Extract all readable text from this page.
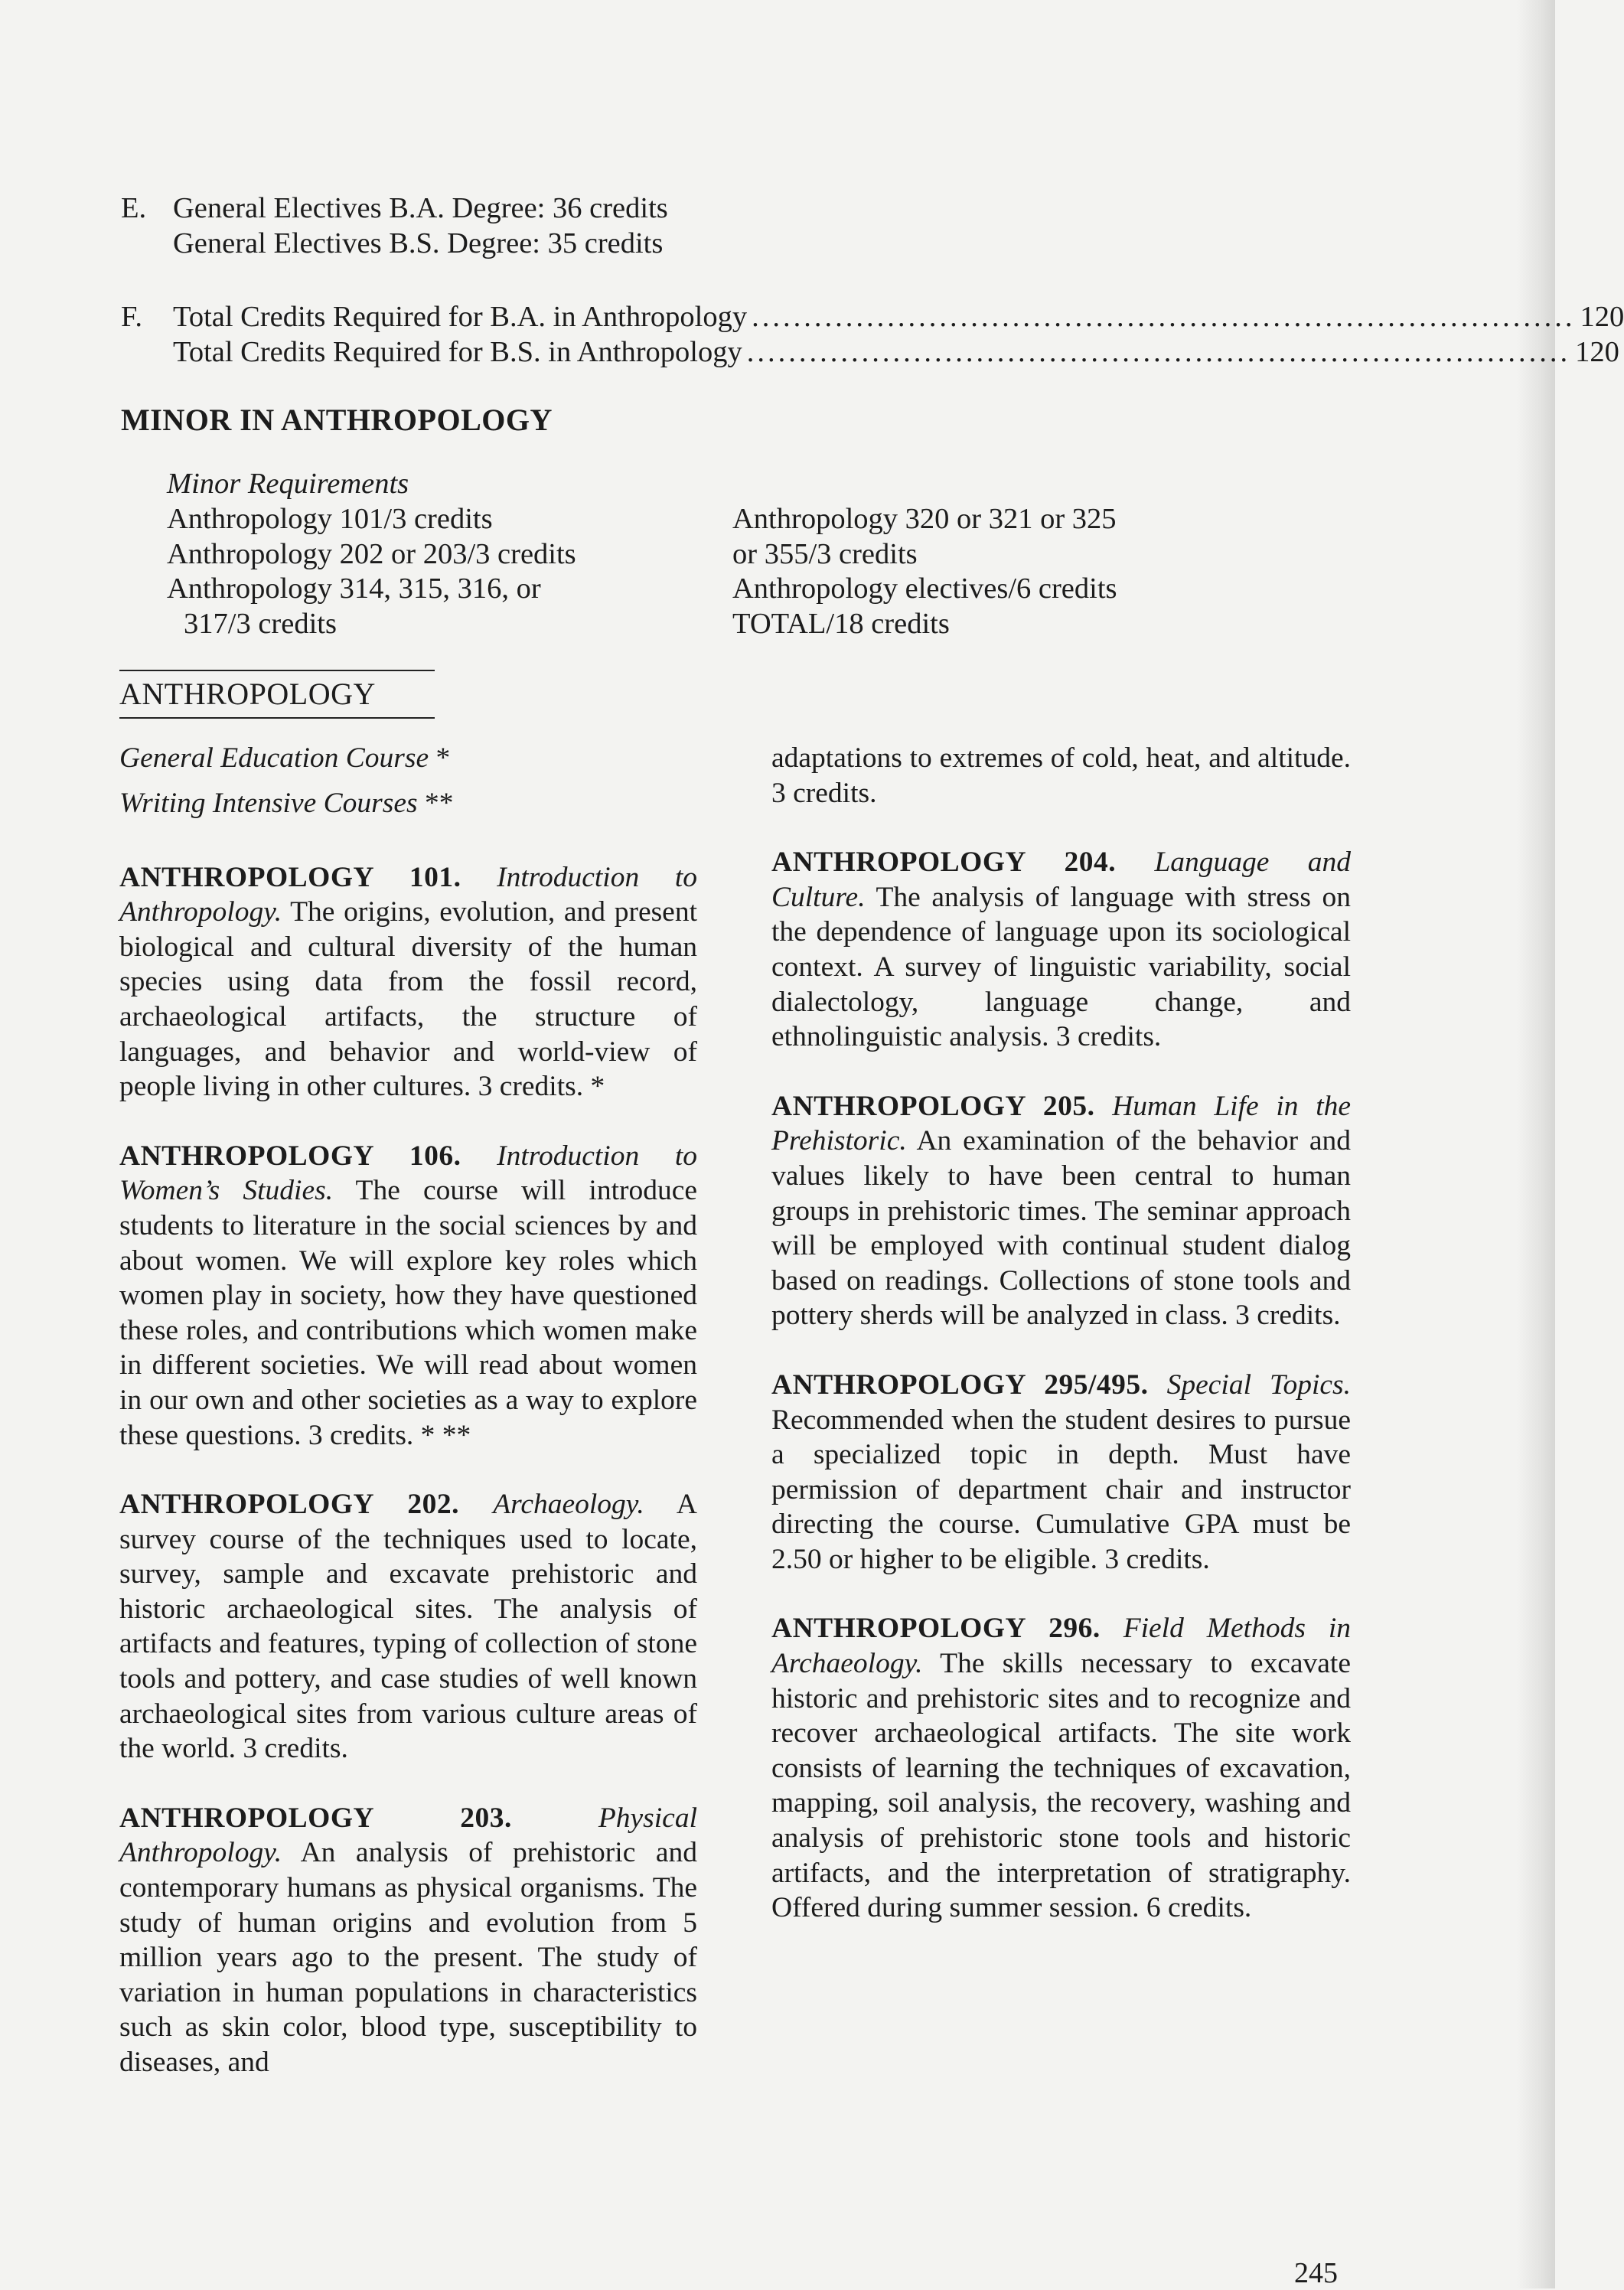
E. General Electives B.A. Degree: 36 credits
General Electives B.S. Degree: 35 credits
F.	Total Credits Required for B.A. in Anthropology ............................................................................... 120
Total Credits Required for B.S. in Anthropology ............................................................................... 120
MINOR IN ANTHROPOLOGY
Minor Requirements
Anthropology 101/3 credits
Anthropology 202 or 203/3 credits
Anthropology 314, 315, 316, or
317/3 credits
Anthropology 320 or 321 or 325
or 355/3 credits
Anthropology electives/6 credits
TOTAL/18 credits
ANTHROPOLOGY
General Education Course *
Writing Intensive Courses **

ANTHROPOLOGY 101. Introduction to Anthropology. The origins, evolution, and present biological and cultural diversity of the human species using data from the fossil record, archaeological artifacts, the structure of languages, and behavior and world-view of people living in other cultures. 3 credits. *

ANTHROPOLOGY 106. Introduction to Women’s Studies. The course will introduce students to literature in the social sciences by and about women. We will explore key roles which women play in society, how they have questioned these roles, and contributions which women make in different societies. We will read about women in our own and other societies as a way to explore these questions. 3 credits. * **

ANTHROPOLOGY 202. Archaeology. A survey course of the techniques used to locate, survey, sample and excavate prehistoric and historic archaeological sites. The analysis of artifacts and features, typing of collection of stone tools and pottery, and case studies of well known archaeological sites from various culture areas of the world. 3 credits.

ANTHROPOLOGY 203.	Physical Anthropology. An analysis of prehistoric and contemporary humans as physical organisms. The study of human origins and evolution from 5 million years ago to the present. The study of variation in human populations in characteristics such as skin color, blood type, susceptibility to diseases, and

adaptations to extremes of cold, heat, and altitude. 3 credits.

ANTHROPOLOGY 204. Language and Culture. The analysis of language with stress on the dependence of language upon its sociological context. A survey of linguistic variability, social dialectology, language change, and ethnolinguistic analysis. 3 credits.

ANTHROPOLOGY 205. Human Life in the Prehistoric. An examination of the behavior and values likely to have been central to human groups in prehistoric times. The seminar approach will be employed with continual student dialog based on readings. Collections of stone tools and pottery sherds will be analyzed in class. 3 credits.

ANTHROPOLOGY 295/495. Special Topics. Recommended when the student desires to pursue a specialized topic in depth. Must have permission of department chair and instructor directing the course. Cumulative GPA must be 2.50 or higher to be eligible. 3 credits.

ANTHROPOLOGY 296. Field Methods in Archaeology. The skills necessary to excavate historic and prehistoric sites and to recognize and recover archaeological artifacts. The site work consists of learning the techniques of excavation, mapping, soil analysis, the recovery, washing and analysis of prehistoric stone tools and historic artifacts, and the interpretation of stratigraphy. Offered during summer session. 6 credits.

245
